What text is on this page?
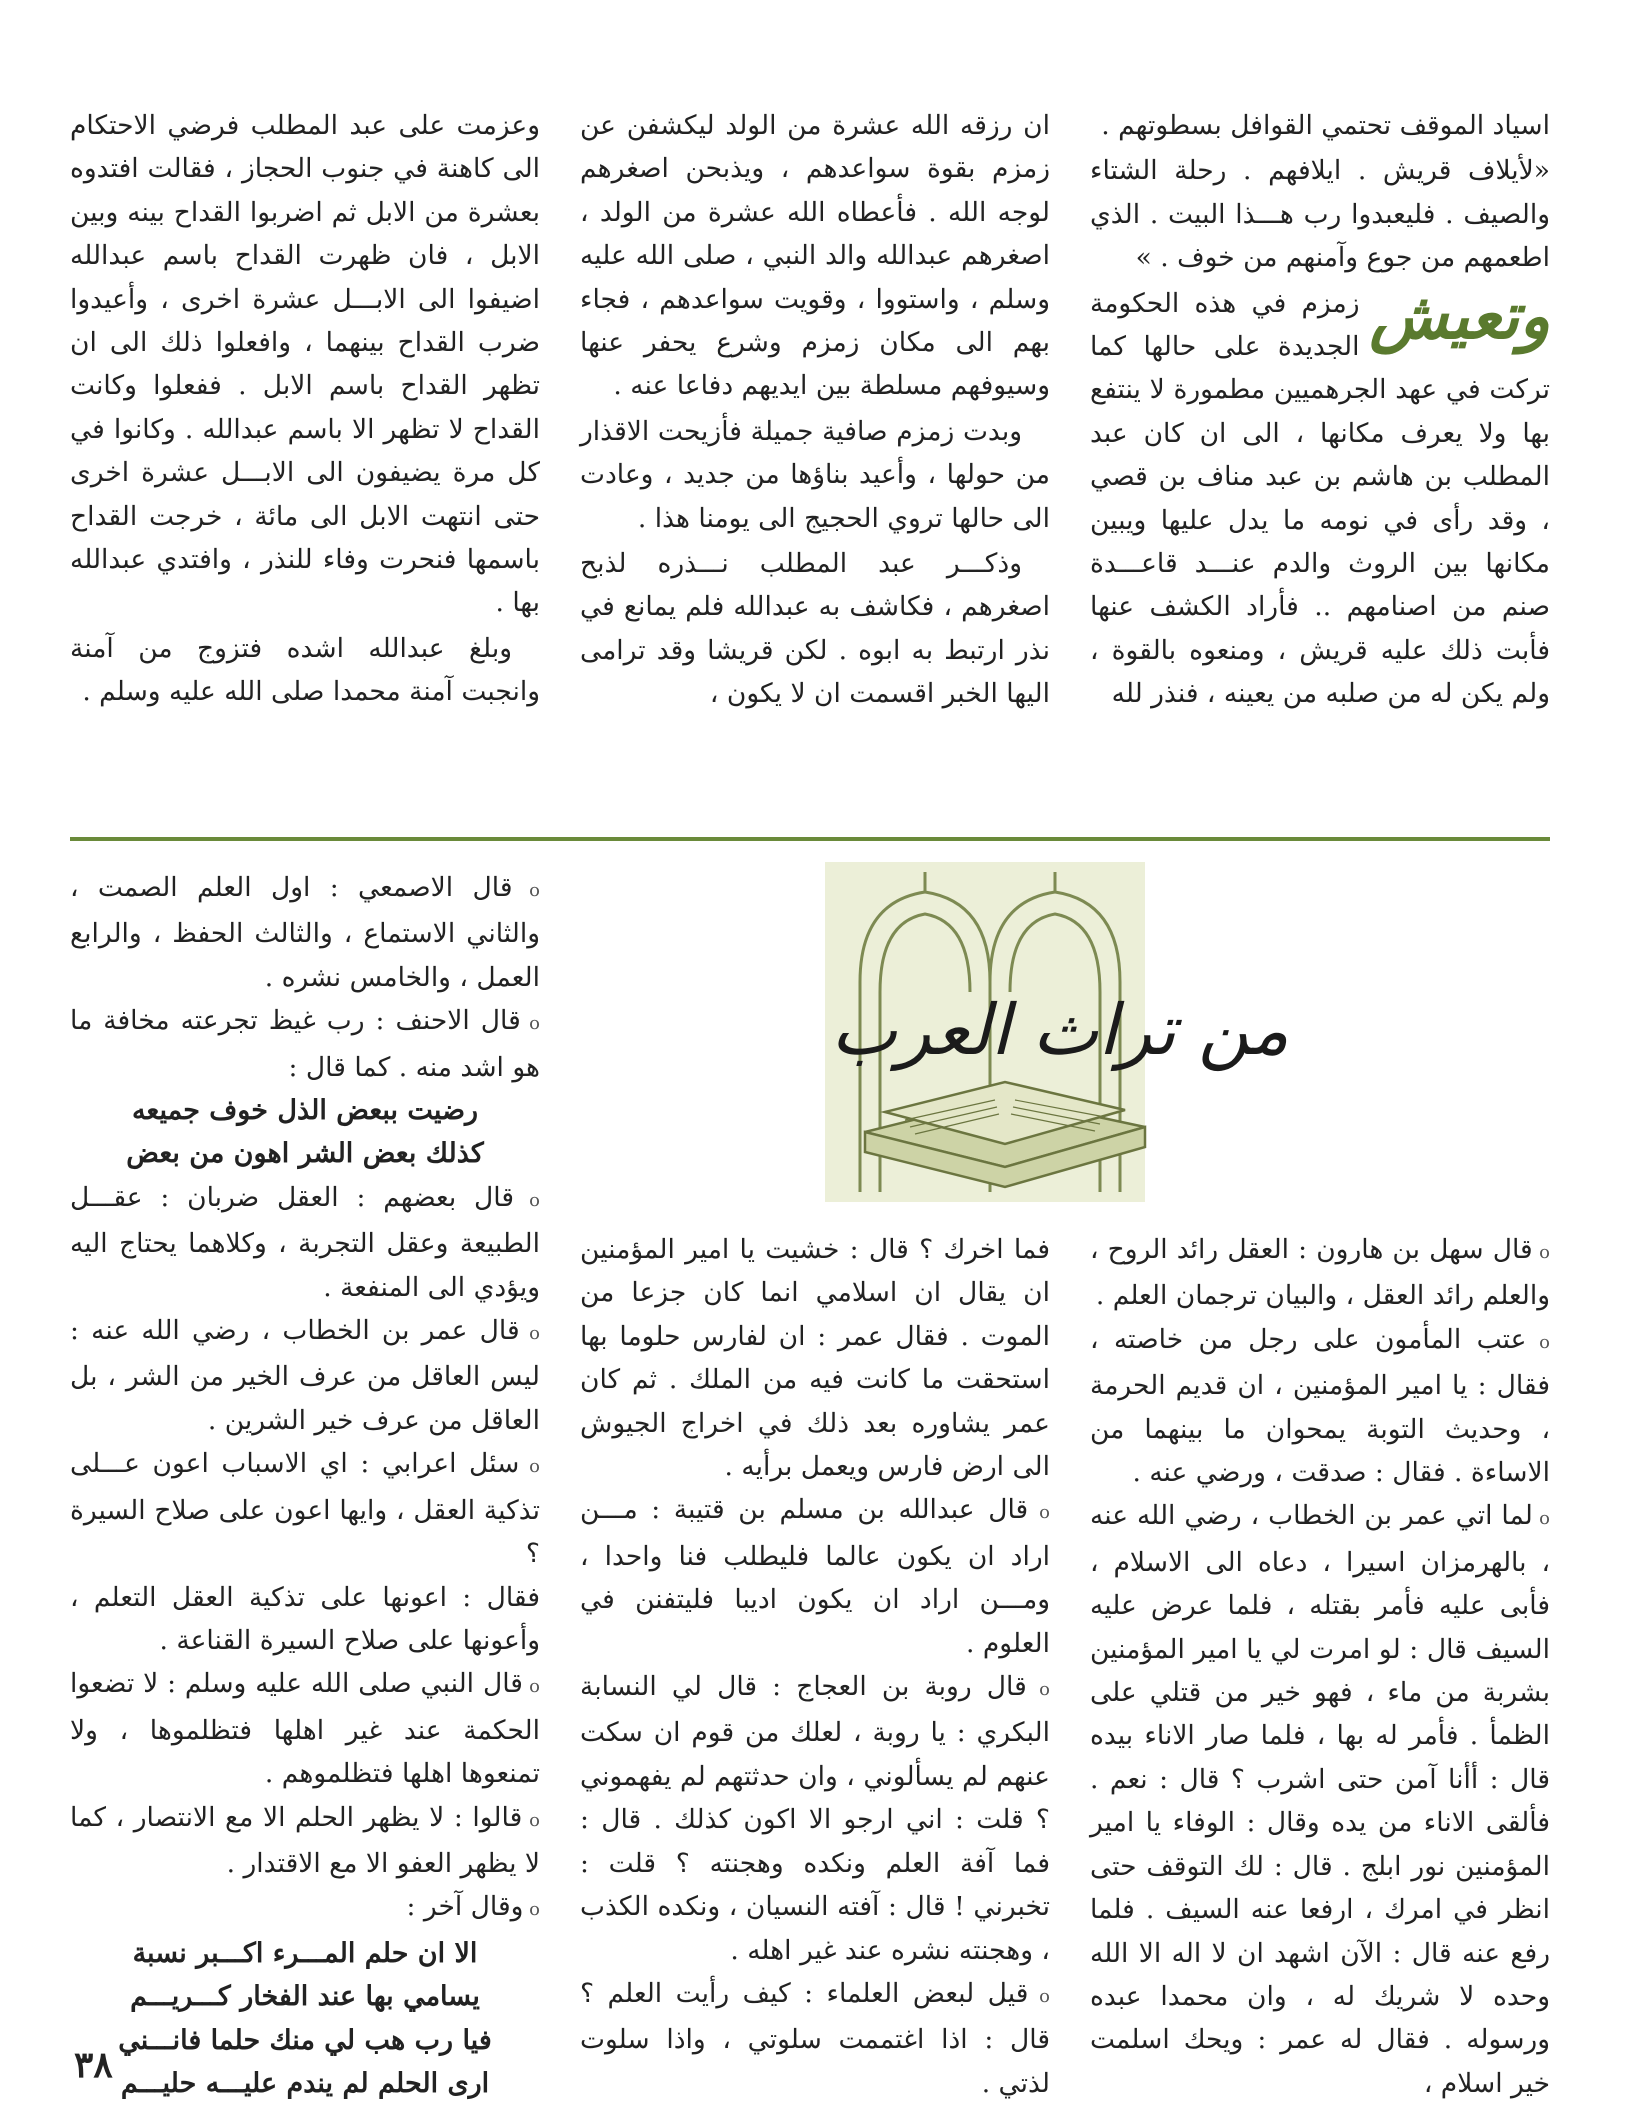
اسياد الموقف تحتمي القوافل بسطوتهم .

«لأيلاف قريش . ايلافهم . رحلة الشتاء والصيف . فليعبدوا رب هـــذا البيت . الذي اطعمهم من جوع وآمنهم من خوف . »

وتعيش
زمزم في هذه الحكومة الجديدة على حالها كما تركت في عهد الجرهميين مطمورة لا ينتفع بها ولا يعرف مكانها ، الى ان كان عبد المطلب بن هاشم بن عبد مناف بن قصي ، وقد رأى في نومه ما يدل عليها ويبين مكانها بين الروث والدم عنـــد قاعـــدة صنم من اصنامهم .. فأراد الكشف عنها فأبت ذلك عليه قريش ، ومنعوه بالقوة ، ولم يكن له من صلبه من يعينه ، فنذر لله

ان رزقه الله عشرة من الولد ليكشفن عن زمزم بقوة سواعدهم ، ويذبحن اصغرهم لوجه الله . فأعطاه الله عشرة من الولد ، اصغرهم عبدالله والد النبي ، صلى الله عليه وسلم ، واستووا ، وقويت سواعدهم ، فجاء بهم الى مكان زمزم وشرع يحفر عنها وسيوفهم مسلطة بين ايديهم دفاعا عنه .

وبدت زمزم صافية جميلة فأزيحت الاقذار من حولها ، وأعيد بناؤها من جديد ، وعادت الى حالها تروي الحجيج الى يومنا هذا .

وذكـــر عبد المطلب نـــذره لذبح اصغرهم ، فكاشف به عبدالله فلم يمانع في نذر ارتبط به ابوه . لكن قريشا وقد ترامى اليها الخبر اقسمت ان لا يكون ،

وعزمت على عبد المطلب فرضي الاحتكام الى كاهنة في جنوب الحجاز ، فقالت افتدوه بعشرة من الابل ثم اضربوا القداح بينه وبين الابل ، فان ظهرت القداح باسم عبدالله اضيفوا الى الابـــل عشرة اخرى ، وأعيدوا ضرب القداح بينهما ، وافعلوا ذلك الى ان تظهر القداح باسم الابل . ففعلوا وكانت القداح لا تظهر الا باسم عبدالله . وكانوا في كل مرة يضيفون الى الابـــل عشرة اخرى حتى انتهت الابل الى مائة ، خرجت القداح باسمها فنحرت وفاء للنذر ، وافتدي عبدالله بها .

وبلغ عبدالله اشده فتزوج من آمنة وانجبت آمنة محمدا صلى الله عليه وسلم .

من تراث العرب

o قال سهل بن هارون : العقل رائد الروح ، والعلم رائد العقل ، والبيان ترجمان العلم .

o عتب المأمون على رجل من خاصته ، فقال : يا امير المؤمنين ، ان قديم الحرمة ، وحديث التوبة يمحوان ما بينهما من الاساءة . فقال : صدقت ، ورضي عنه .

o لما اتي عمر بن الخطاب ، رضي الله عنه ، بالهرمزان اسيرا ، دعاه الى الاسلام ، فأبى عليه فأمر بقتله ، فلما عرض عليه السيف قال : لو امرت لي يا امير المؤمنين بشربة من ماء ، فهو خير من قتلي على الظمأ . فأمر له بها ، فلما صار الاناء بيده قال : أأنا آمن حتى اشرب ؟ قال : نعم . فألقى الاناء من يده وقال : الوفاء يا امير المؤمنين نور ابلج . قال : لك التوقف حتى انظر في امرك ، ارفعا عنه السيف . فلما رفع عنه قال : الآن اشهد ان لا اله الا الله وحده لا شريك له ، وان محمدا عبده ورسوله . فقال له عمر : ويحك اسلمت خير اسلام ،

فما اخرك ؟ قال : خشيت يا امير المؤمنين ان يقال ان اسلامي انما كان جزعا من الموت . فقال عمر : ان لفارس حلوما بها استحقت ما كانت فيه من الملك . ثم كان عمر يشاوره بعد ذلك في اخراج الجيوش الى ارض فارس ويعمل برأيه .

o قال عبدالله بن مسلم بن قتيبة : مـــن اراد ان يكون عالما فليطلب فنا واحدا ، ومـــن اراد ان يكون اديبا فليتفنن في العلوم .

o قال روبة بن العجاج : قال لي النسابة البكري : يا روبة ، لعلك من قوم ان سكت عنهم لم يسألوني ، وان حدثتهم لم يفهموني ؟ قلت : اني ارجو الا اكون كذلك . قال : فما آفة العلم ونكده وهجنته ؟ قلت : تخبرني ! قال : آفته النسيان ، ونكده الكذب ، وهجنته نشره عند غير اهله .

o قيل لبعض العلماء : كيف رأيت العلم ؟ قال : اذا اغتممت سلوتي ، واذا سلوت لذتي .

o قال الاصمعي : اول العلم الصمت ، والثاني الاستماع ، والثالث الحفظ ، والرابع العمل ، والخامس نشره .

o قال الاحنف : رب غيظ تجرعته مخافة ما هو اشد منه . كما قال :

رضيت ببعض الذل خوف جميعه

كذلك بعض الشر اهون من بعض

o قال بعضهم : العقل ضربان : عقـــل الطبيعة وعقل التجربة ، وكلاهما يحتاج اليه ويؤدي الى المنفعة .

o قال عمر بن الخطاب ، رضي الله عنه : ليس العاقل من عرف الخير من الشر ، بل العاقل من عرف خير الشرين .

o سئل اعرابي : اي الاسباب اعون عـــلى تذكية العقل ، وايها اعون على صلاح السيرة ؟

فقال : اعونها على تذكية العقل التعلم ، وأعونها على صلاح السيرة القناعة .

o قال النبي صلى الله عليه وسلم : لا تضعوا الحكمة عند غير اهلها فتظلموها ، ولا تمنعوها اهلها فتظلموهم .

o قالوا : لا يظهر الحلم الا مع الانتصار ، كما لا يظهر العفو الا مع الاقتدار .

o وقال آخر :

الا ان حلم المـــرء اكـــبر نسبة

يسامي بها عند الفخار كـــريـــم

فيا رب هب لي منك حلما فانـــني

ارى الحلم لم يندم عليـــه حليـــم

٣٨
